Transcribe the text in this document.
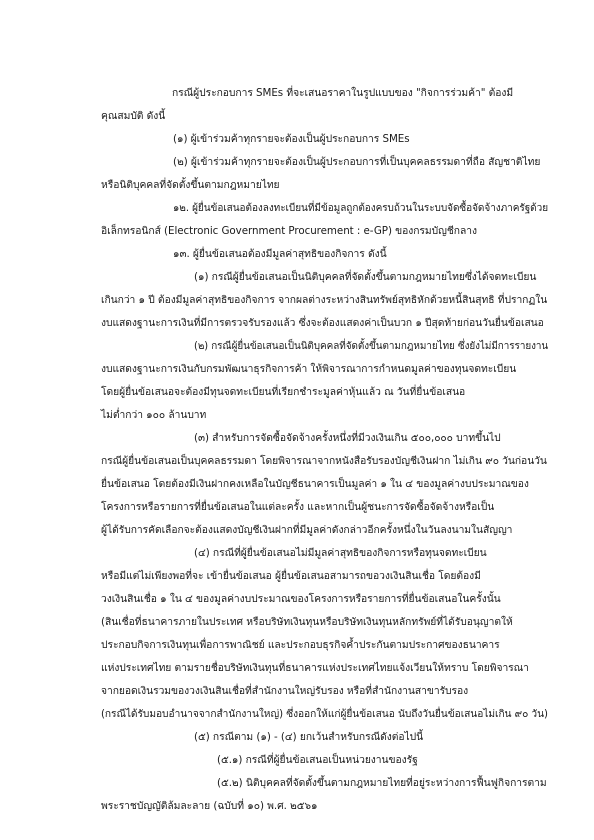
กรณีผู้ประกอบการ SMEs ที่จะเสนอราคาในรูปแบบของ "กิจการร่วมค้า" ต้องมี
คุณสมบัติ ดังนี้
(๑) ผู้เข้าร่วมค้าทุกรายจะต้องเป็นผู้ประกอบการ SMEs
(๒) ผู้เข้าร่วมค้าทุกรายจะต้องเป็นผู้ประกอบการที่เป็นบุคคลธรรมดาที่ถือ สัญชาติไทย
หรือนิติบุคคลที่จัดตั้งขึ้นตามกฎหมายไทย
๑๒. ผู้ยื่นข้อเสนอต้องลงทะเบียนที่มีข้อมูลถูกต้องครบถ้วนในระบบจัดซื้อจัดจ้างภาครัฐด้วย
อิเล็กทรอนิกส์ (Electronic Government Procurement : e-GP) ของกรมบัญชีกลาง
๑๓. ผู้ยื่นข้อเสนอต้องมีมูลค่าสุทธิของกิจการ ดังนี้
(๑) กรณีผู้ยื่นข้อเสนอเป็นนิติบุคคลที่จัดตั้งขึ้นตามกฎหมายไทยซึ่งได้จดทะเบียน
เกินกว่า ๑ ปี ต้องมีมูลค่าสุทธิของกิจการ จากผลต่างระหว่างสินทรัพย์สุทธิหักด้วยหนี้สินสุทธิ ที่ปรากฏใน
งบแสดงฐานะการเงินที่มีการตรวจรับรองแล้ว ซึ่งจะต้องแสดงค่าเป็นบวก ๑ ปีสุดท้ายก่อนวันยื่นข้อเสนอ
(๒) กรณีผู้ยื่นข้อเสนอเป็นนิติบุคคลที่จัดตั้งขึ้นตามกฎหมายไทย ซึ่งยังไม่มีการรายงาน
งบแสดงฐานะการเงินกับกรมพัฒนาธุรกิจการค้า ให้พิจารณาการกำหนดมูลค่าของทุนจดทะเบียน
โดยผู้ยื่นข้อเสนอจะต้องมีทุนจดทะเบียนที่เรียกชำระมูลค่าหุ้นแล้ว ณ วันที่ยื่นข้อเสนอ
ไม่ต่ำกว่า ๑๐๐ ล้านบาท
(๓) สำหรับการจัดซื้อจัดจ้างครั้งหนึ่งที่มีวงเงินเกิน ๕๐๐,๐๐๐ บาทขึ้นไป
กรณีผู้ยื่นข้อเสนอเป็นบุคคลธรรมดา โดยพิจารณาจากหนังสือรับรองบัญชีเงินฝาก ไม่เกิน ๙๐ วันก่อนวัน
ยื่นข้อเสนอ โดยต้องมีเงินฝากคงเหลือในบัญชีธนาคารเป็นมูลค่า ๑ ใน ๔ ของมูลค่างบประมาณของ
โครงการหรือรายการที่ยื่นข้อเสนอในแต่ละครั้ง และหากเป็นผู้ชนะการจัดซื้อจัดจ้างหรือเป็น
ผู้ได้รับการคัดเลือกจะต้องแสดงบัญชีเงินฝากที่มีมูลค่าดังกล่าวอีกครั้งหนึ่งในวันลงนามในสัญญา
(๔) กรณีที่ผู้ยื่นข้อเสนอไม่มีมูลค่าสุทธิของกิจการหรือทุนจดทะเบียน
หรือมีแต่ไม่เพียงพอที่จะ เข้ายื่นข้อเสนอ ผู้ยื่นข้อเสนอสามารถขอวงเงินสินเชื่อ โดยต้องมี
วงเงินสินเชื่อ ๑ ใน ๔ ของมูลค่างบประมาณของโครงการหรือรายการที่ยื่นข้อเสนอในครั้งนั้น
(สินเชื่อที่ธนาคารภายในประเทศ หรือบริษัทเงินทุนหรือบริษัทเงินทุนหลักทรัพย์ที่ได้รับอนุญาตให้
ประกอบกิจการเงินทุนเพื่อการพาณิชย์ และประกอบธุรกิจค้ำประกันตามประกาศของธนาคาร
แห่งประเทศไทย ตามรายชื่อบริษัทเงินทุนที่ธนาคารแห่งประเทศไทยแจ้งเวียนให้ทราบ โดยพิจารณา
จากยอดเงินรวมของวงเงินสินเชื่อที่สำนักงานใหญ่รับรอง หรือที่สำนักงานสาขารับรอง
(กรณีได้รับมอบอำนาจจากสำนักงานใหญ่) ซึ่งออกให้แก่ผู้ยื่นข้อเสนอ นับถึงวันยื่นข้อเสนอไม่เกิน ๙๐ วัน)
(๕) กรณีตาม (๑) - (๔) ยกเว้นสำหรับกรณีดังต่อไปนี้
(๕.๑) กรณีที่ผู้ยื่นข้อเสนอเป็นหน่วยงานของรัฐ
(๕.๒) นิติบุคคลที่จัดตั้งขึ้นตามกฎหมายไทยที่อยู่ระหว่างการฟื้นฟูกิจการตาม
พระราชบัญญัติล้มละลาย (ฉบับที่ ๑๐) พ.ศ. ๒๕๖๑
